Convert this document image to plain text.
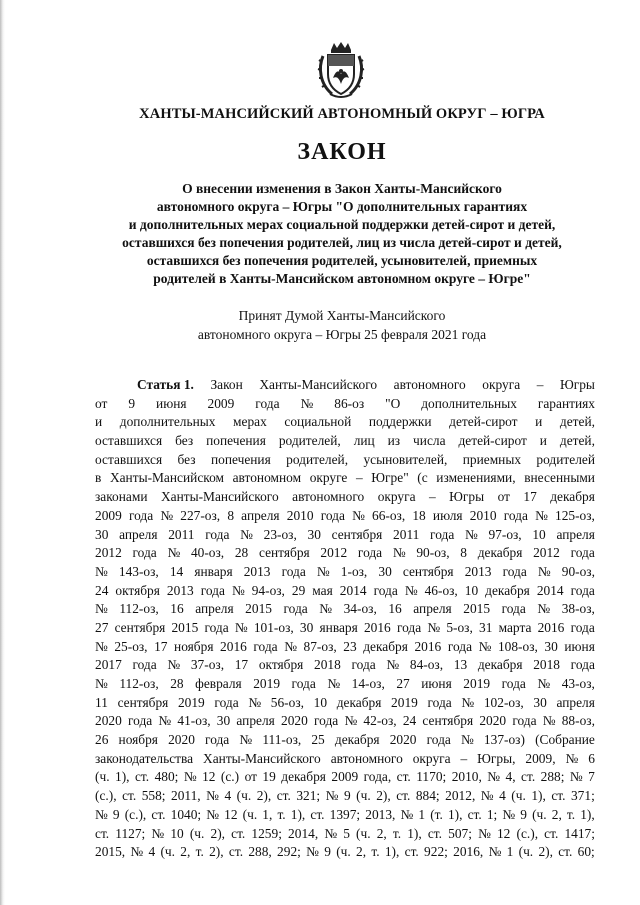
ХАНТЫ-МАНСИЙСКИЙ АВТОНОМНЫЙ ОКРУГ – ЮГРА
ЗАКОН
О внесении изменения в Закон Ханты-Мансийского
автономного округа – Югры "О дополнительных гарантиях
и дополнительных мерах социальной поддержки детей-сирот и детей,
оставшихся без попечения родителей, лиц из числа детей-сирот и детей,
оставшихся без попечения родителей, усыновителей, приемных
родителей в Ханты-Мансийском автономном округе – Югре"
Принят Думой Ханты-Мансийского
автономного округа – Югры 25 февраля 2021 года
Статья 1. Закон Ханты-Мансийского автономного округа – Югры
от 9 июня 2009 года № 86-оз "О дополнительных гарантиях
и дополнительных мерах социальной поддержки детей-сирот и детей,
оставшихся без попечения родителей, лиц из числа детей-сирот и детей,
оставшихся без попечения родителей, усыновителей, приемных родителей
в Ханты-Мансийском автономном округе – Югре" (с изменениями, внесенными
законами Ханты-Мансийского автономного округа – Югры от 17 декабря
2009 года № 227-оз, 8 апреля 2010 года № 66-оз, 18 июля 2010 года № 125-оз,
30 апреля 2011 года № 23-оз, 30 сентября 2011 года № 97-оз, 10 апреля
2012 года № 40-оз, 28 сентября 2012 года № 90-оз, 8 декабря 2012 года
№ 143-оз, 14 января 2013 года № 1-оз, 30 сентября 2013 года № 90-оз,
24 октября 2013 года № 94-оз, 29 мая 2014 года № 46-оз, 10 декабря 2014 года
№ 112-оз, 16 апреля 2015 года № 34-оз, 16 апреля 2015 года № 38-оз,
27 сентября 2015 года № 101-оз, 30 января 2016 года № 5-оз, 31 марта 2016 года
№ 25-оз, 17 ноября 2016 года № 87-оз, 23 декабря 2016 года № 108-оз, 30 июня
2017 года № 37-оз, 17 октября 2018 года № 84-оз, 13 декабря 2018 года
№ 112-оз, 28 февраля 2019 года № 14-оз, 27 июня 2019 года № 43-оз,
11 сентября 2019 года № 56-оз, 10 декабря 2019 года № 102-оз, 30 апреля
2020 года № 41-оз, 30 апреля 2020 года № 42-оз, 24 сентября 2020 года № 88-оз,
26 ноября 2020 года № 111-оз, 25 декабря 2020 года № 137-оз) (Собрание
законодательства Ханты-Мансийского автономного округа – Югры, 2009, № 6
(ч. 1), ст. 480; № 12 (с.) от 19 декабря 2009 года, ст. 1170; 2010, № 4, ст. 288; № 7
(с.), ст. 558; 2011, № 4 (ч. 2), ст. 321; № 9 (ч. 2), ст. 884; 2012, № 4 (ч. 1), ст. 371;
№ 9 (с.), ст. 1040; № 12 (ч. 1, т. 1), ст. 1397; 2013, № 1 (т. 1), ст. 1; № 9 (ч. 2, т. 1),
ст. 1127; № 10 (ч. 2), ст. 1259; 2014, № 5 (ч. 2, т. 1), ст. 507; № 12 (с.), ст. 1417;
2015, № 4 (ч. 2, т. 2), ст. 288, 292; № 9 (ч. 2, т. 1), ст. 922; 2016, № 1 (ч. 2), ст. 60;
